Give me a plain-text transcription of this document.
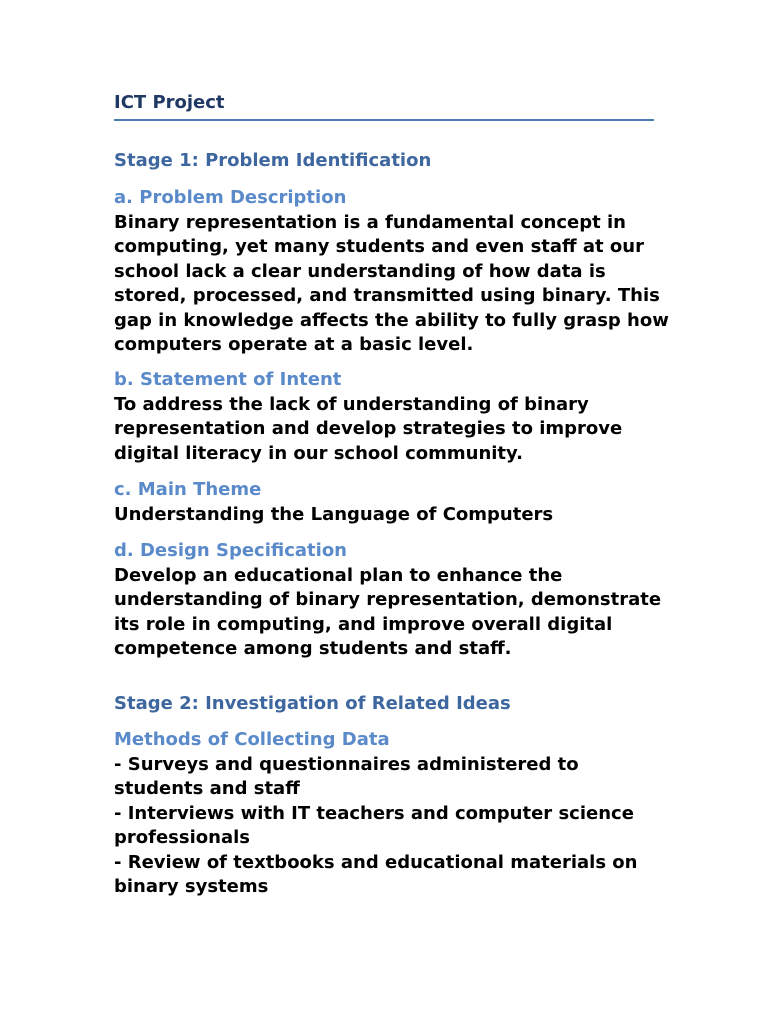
ICT Project
Stage 1: Problem Identification
a. Problem Description
Binary representation is a fundamental concept in
computing, yet many students and even staff at our
school lack a clear understanding of how data is
stored, processed, and transmitted using binary. This
gap in knowledge affects the ability to fully grasp how
computers operate at a basic level.
b. Statement of Intent
To address the lack of understanding of binary
representation and develop strategies to improve
digital literacy in our school community.
c. Main Theme
Understanding the Language of Computers
d. Design Specification
Develop an educational plan to enhance the
understanding of binary representation, demonstrate
its role in computing, and improve overall digital
competence among students and staff.
Stage 2: Investigation of Related Ideas
Methods of Collecting Data
- Surveys and questionnaires administered to
students and staff
- Interviews with IT teachers and computer science
professionals
- Review of textbooks and educational materials on
binary systems
